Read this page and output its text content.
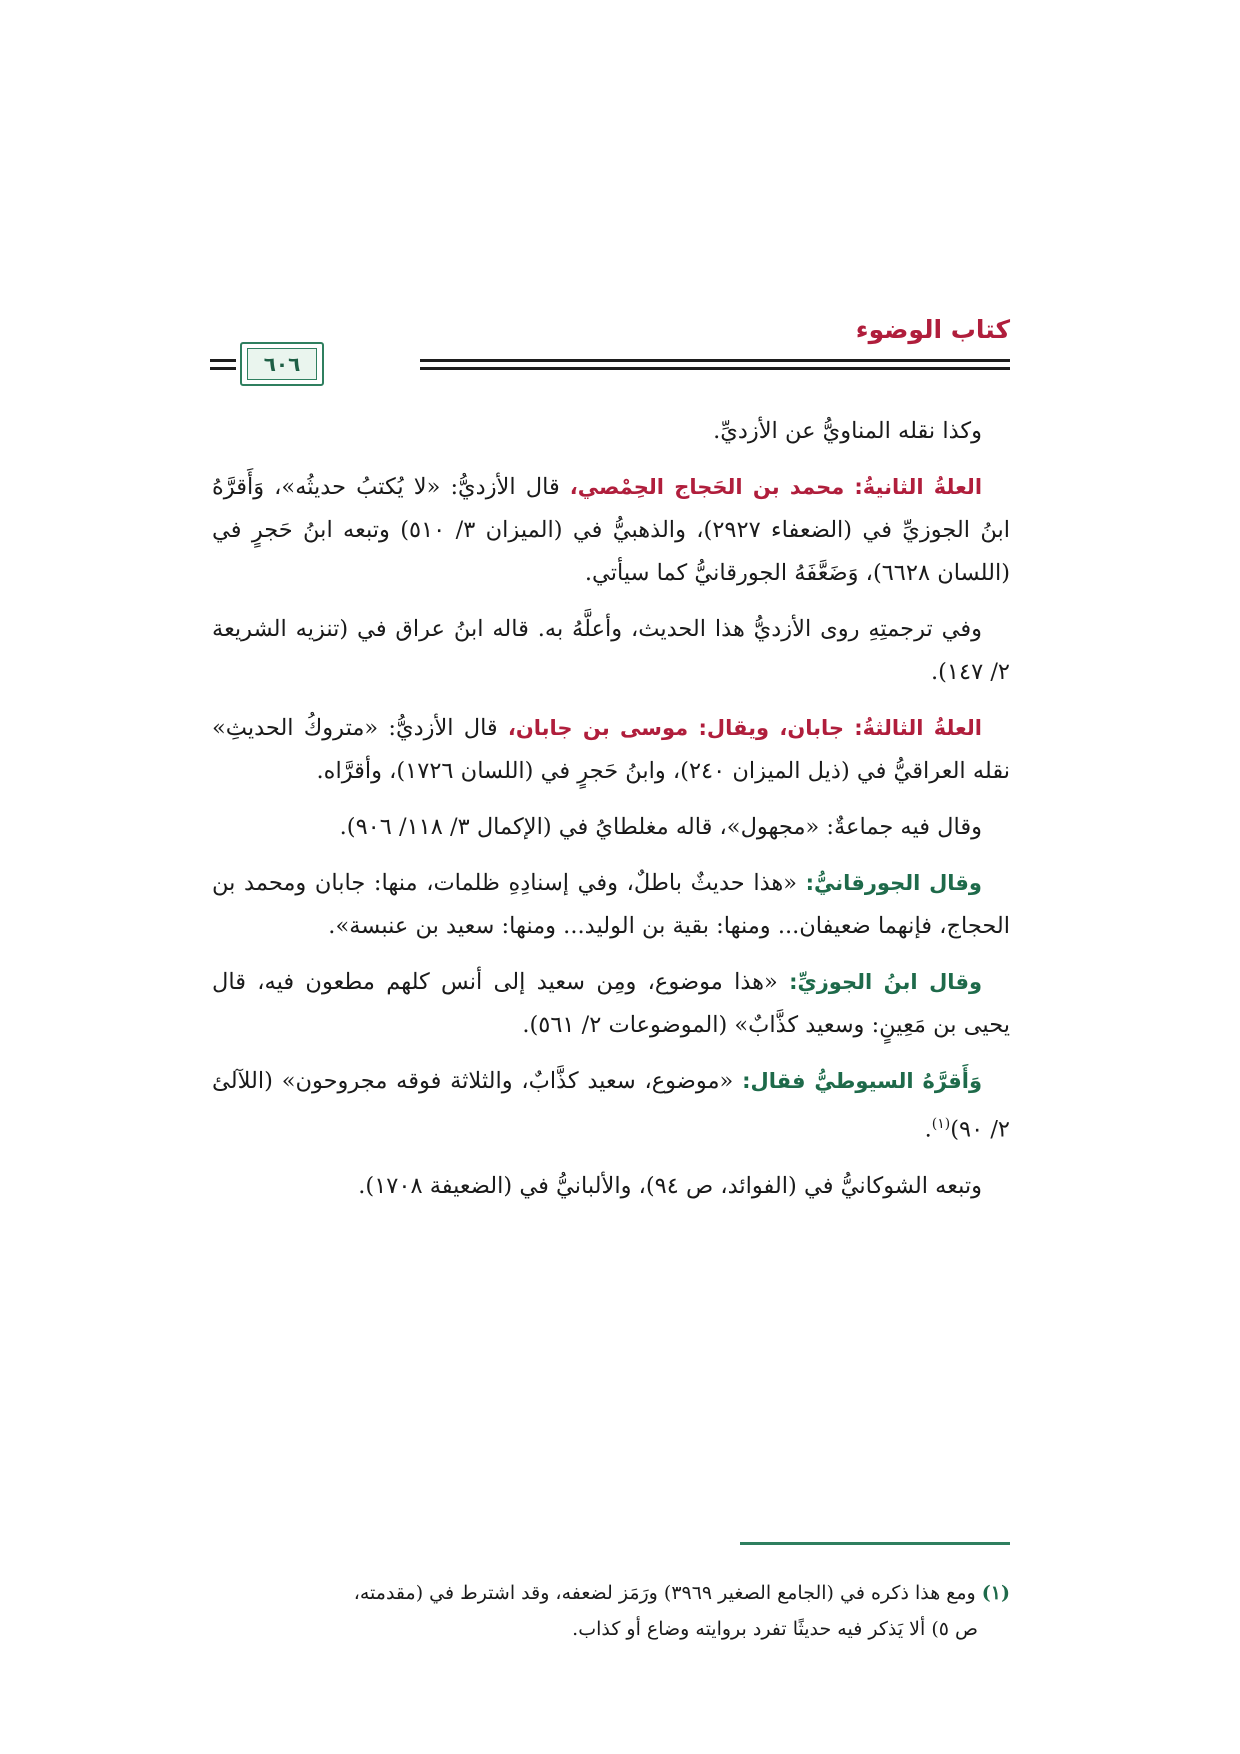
كتاب الوضوء
٦٠٦

وكذا نقله المناويُّ عن الأزديِّ.

العلةُ الثانيةُ: محمد بن الحَجاج الحِمْصي، قال الأزديُّ: «لا يُكتبُ حديثُه»، وَأَقرَّهُ ابنُ الجوزيِّ في (الضعفاء ٢٩٢٧)، والذهبيُّ في (الميزان ٣/ ٥١٠) وتبعه ابنُ حَجرٍ في (اللسان ٦٦٢٨)، وَضَعَّفَهُ الجورقانيُّ كما سيأتي.

وفي ترجمتِهِ روى الأزديُّ هذا الحديث، وأعلَّهُ به. قاله ابنُ عراق في (تنزيه الشريعة ٢/ ١٤٧).

العلةُ الثالثةُ: جابان، ويقال: موسى بن جابان، قال الأزديُّ: «متروكُ الحديثِ» نقله العراقيُّ في (ذيل الميزان ٢٤٠)، وابنُ حَجرٍ في (اللسان ١٧٢٦)، وأقرَّاه.

وقال فيه جماعةٌ: «مجهول»، قاله مغلطايُ في (الإكمال ٣/ ١١٨/ ٩٠٦).

وقال الجورقانيُّ: «هذا حديثٌ باطلٌ، وفي إسنادِهِ ظلمات، منها: جابان ومحمد بن الحجاج، فإنهما ضعيفان... ومنها: بقية بن الوليد... ومنها: سعيد بن عنبسة».

وقال ابنُ الجوزيِّ: «هذا موضوع، ومِن سعيد إلى أنس كلهم مطعون فيه، قال يحيى بن مَعِينٍ: وسعيد كذَّابٌ» (الموضوعات ٢/ ٥٦١).

وَأَقرَّهُ السيوطيُّ فقال: «موضوع، سعيد كذَّابٌ، والثلاثة فوقه مجروحون» (اللآلئ ٢/ ٩٠)$^{(١)}$.

وتبعه الشوكانيُّ في (الفوائد، ص ٩٤)، والألبانيُّ في (الضعيفة ١٧٠٨).

(١) ومع هذا ذكره في (الجامع الصغير ٣٩٦٩) ورَمَز لضعفه، وقد اشترط في (مقدمته،
ص ٥) ألا يَذكر فيه حديثًا تفرد بروايته وضاع أو كذاب.
